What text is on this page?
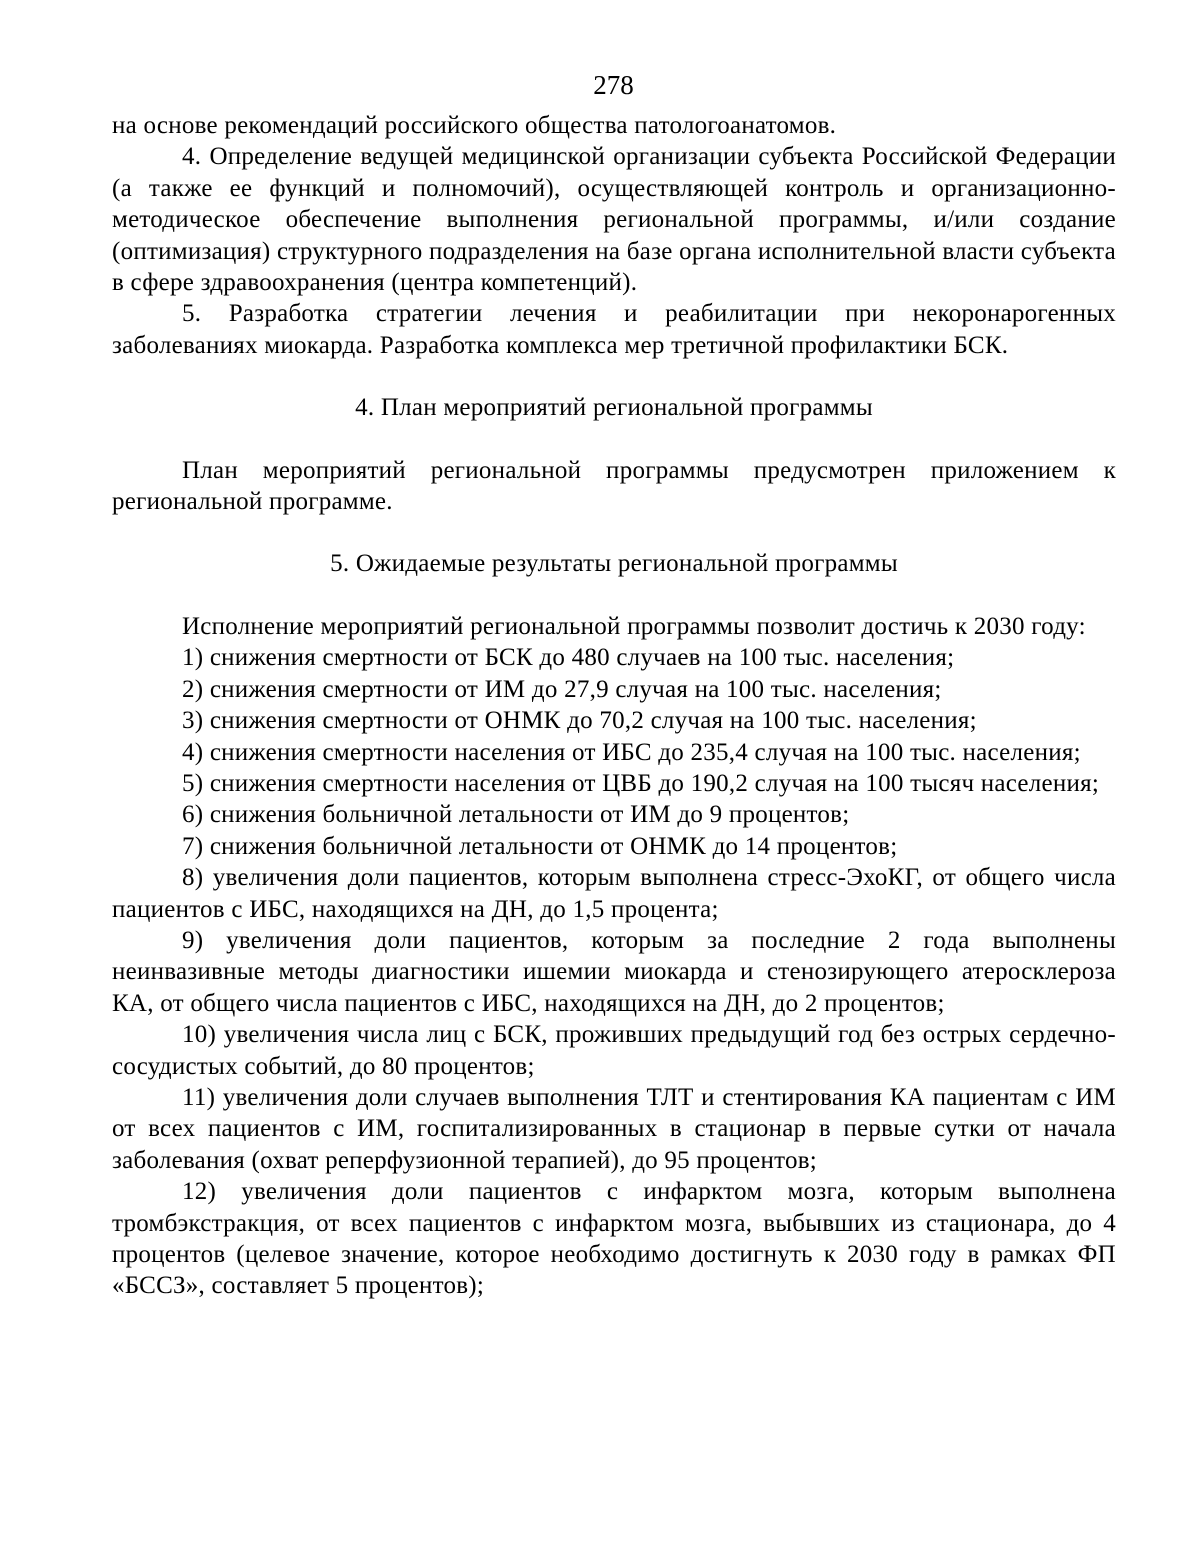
278

на основе рекомендаций российского общества патологоанатомов.

4. Определение ведущей медицинской организации субъекта Российской Федерации (а также ее функций и полномочий), осуществляющей контроль и организационно-методическое обеспечение выполнения региональной программы, и/или создание (оптимизация) структурного подразделения на базе органа исполнительной власти субъекта в сфере здравоохранения (центра компетенций).

5. Разработка стратегии лечения и реабилитации при некоронарогенных заболеваниях миокарда. Разработка комплекса мер третичной профилактики БСК.

4. План мероприятий региональной программы

План мероприятий региональной программы предусмотрен приложением к региональной программе.

5. Ожидаемые результаты региональной программы

Исполнение мероприятий региональной программы позволит достичь к 2030 году:

1) снижения смертности от БСК до 480 случаев на 100 тыс. населения;

2) снижения смертности от ИМ до 27,9 случая на 100 тыс. населения;

3) снижения смертности от ОНМК до 70,2 случая на 100 тыс. населения;

4) снижения смертности населения от ИБС до 235,4 случая на 100 тыс. населения;

5) снижения смертности населения от ЦВБ до 190,2 случая на 100 тысяч населения;

6) снижения больничной летальности от ИМ до 9 процентов;

7) снижения больничной летальности от ОНМК до 14 процентов;

8) увеличения доли пациентов, которым выполнена стресс-ЭхоКГ, от общего числа пациентов с ИБС, находящихся на ДН, до 1,5 процента;

9) увеличения доли пациентов, которым за последние 2 года выполнены неинвазивные методы диагностики ишемии миокарда и стенозирующего атеросклероза КА, от общего числа пациентов с ИБС, находящихся на ДН, до 2 процентов;

10) увеличения числа лиц с БСК, проживших предыдущий год без острых сердечно-сосудистых событий, до 80 процентов;

11) увеличения доли случаев выполнения ТЛТ и стентирования КА пациентам с ИМ от всех пациентов с ИМ, госпитализированных в стационар в первые сутки от начала заболевания (охват реперфузионной терапией), до 95 процентов;

12) увеличения доли пациентов с инфарктом мозга, которым выполнена тромбэкстракция, от всех пациентов с инфарктом мозга, выбывших из стационара, до 4 процентов (целевое значение, которое необходимо достигнуть к 2030 году в рамках ФП «БССЗ», составляет 5 процентов);
